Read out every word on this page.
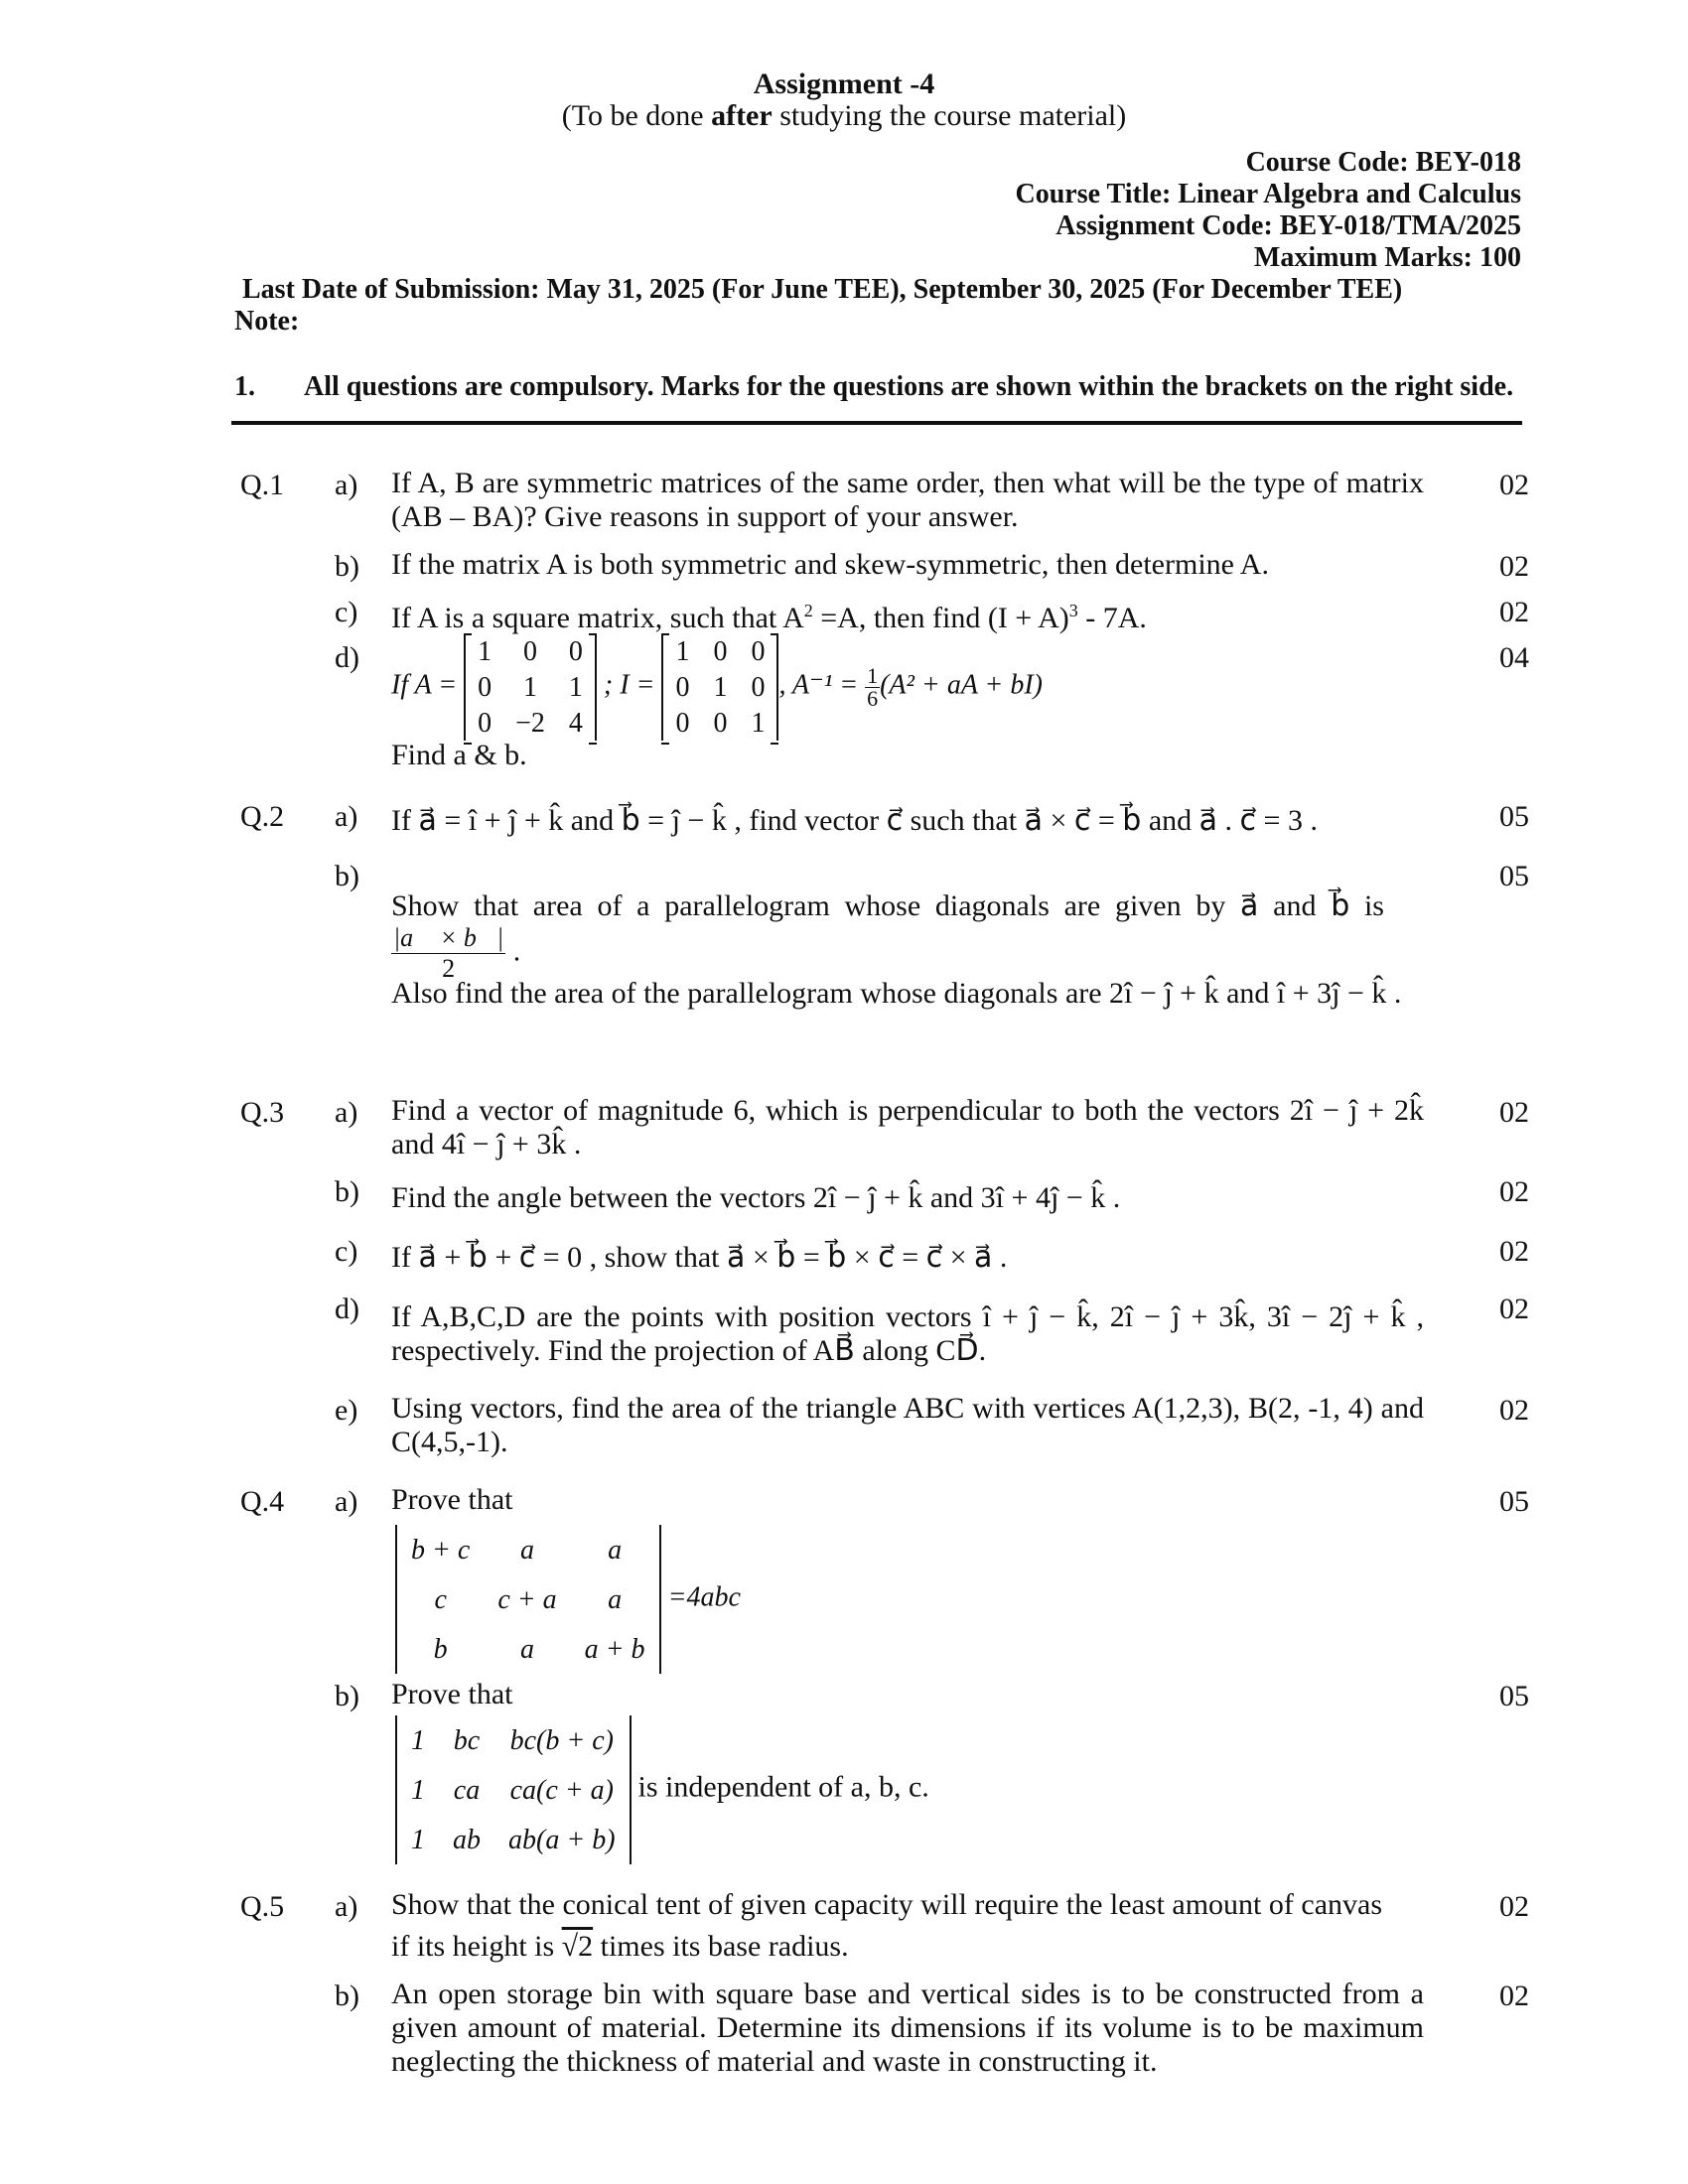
Assignment -4
(To be done after studying the course material)
Course Code: BEY-018
Course Title: Linear Algebra and Calculus
Assignment Code: BEY-018/TMA/2025
Maximum Marks: 100
Last Date of Submission: May 31, 2025 (For June TEE), September 30, 2025 (For December TEE)
Note:
1. All questions are compulsory. Marks for the questions are shown within the brackets on the right side.
Q.1 a) If A, B are symmetric matrices of the same order, then what will be the type of matrix (AB – BA)? Give reasons in support of your answer.
02
b) If the matrix A is both symmetric and skew-symmetric, then determine A.	02
c) If A is a square matrix, such that $A^2 =A$, then find $(I + A)^3 - 7A$.	02
d)
If A =
1	0	0
0	1	1
0	−2	4
; I =
1	0	0
0	1	0
0	0	1
, $A^{-1} = \frac{1}{6} (A^2$ + aA + bI)
Find a & b.
04
Q.2 a) If a⃗ = î + ĵ + k̂ and b⃗ = ĵ − k̂ , find vector c⃗ such that a⃗ × c⃗ = b⃗ and a⃗ . c⃗ = 3 .	05
b)
Show that area of a parallelogram whose diagonals are given by a⃗ and b⃗ is
$\frac{|a⃗ \times b⃗|}{2}$ .
Also find the area of the parallelogram whose diagonals are 2î − ĵ + k̂ and î + 3ĵ − k̂ .
05
Q.3 a) Find a vector of magnitude 6, which is perpendicular to both the vectors 2î − ĵ + 2k̂ and 4î − ĵ + 3k̂ .
02
b) Find the angle between the vectors 2î − ĵ + k̂ and 3î + 4ĵ − k̂ .	02
c) If a⃗ + b⃗ + c⃗ = 0 , show that a⃗ × b⃗ = b⃗ × c⃗ = c⃗ × a⃗ .	02
d) If A,B,C,D are the points with position vectors î + ĵ − k̂, 2î − ĵ + 3k̂, 3î − 2ĵ + k̂ , respectively. Find the projection of AB⃗ along CD⃗.
02
e) Using vectors, find the area of the triangle ABC with vertices A(1,2,3), B(2, -1, 4) and C(4,5,-1).
02
Q.4 a) Prove that	05
b + c	a	a
c	c + a	a
b	a	a + b
=4abc
b) Prove that	05
1	bc	bc(b + c)
1	ca	ca(c + a)
1	ab	ab(a + b)
is independent of a, b, c.
Q.5 a) Show that the conical tent of given capacity will require the least amount of canvas
if its height is √2 times its base radius.
02
b) An open storage bin with square base and vertical sides is to be constructed from a given amount of material. Determine its dimensions if its volume is to be maximum neglecting the thickness of material and waste in constructing it.
02
